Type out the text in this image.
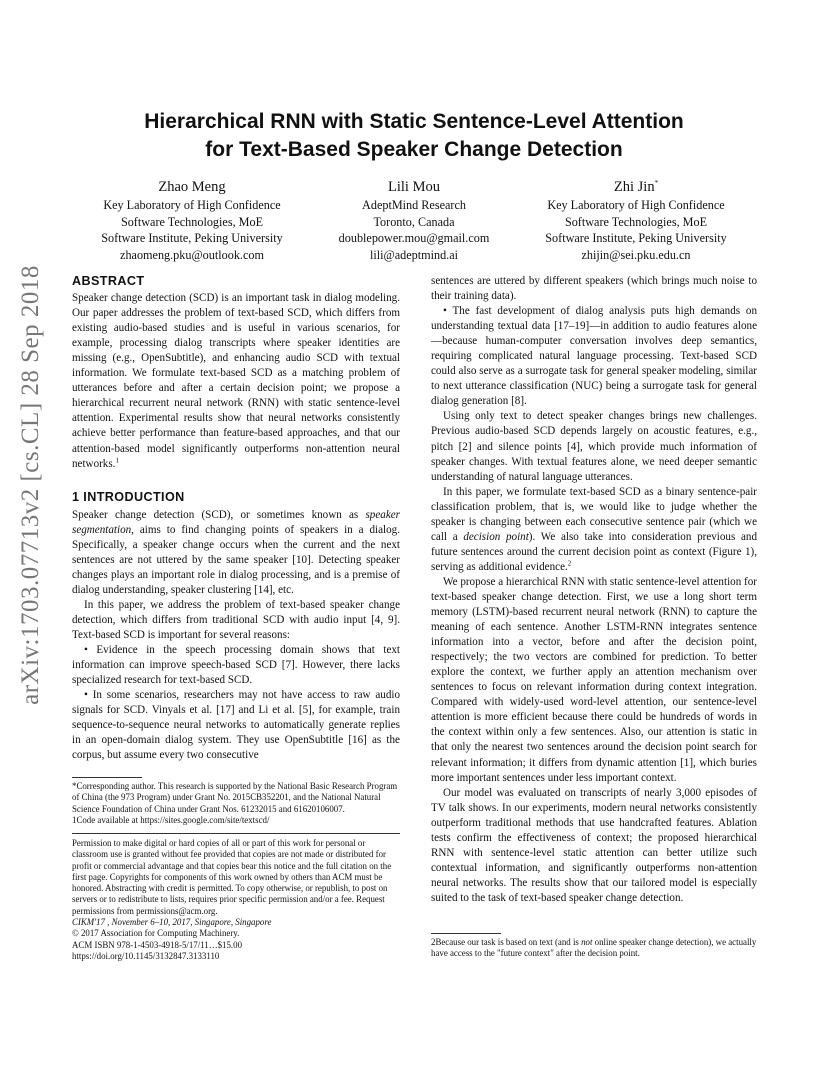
arXiv:1703.07713v2 [cs.CL] 28 Sep 2018
Hierarchical RNN with Static Sentence-Level Attention
for Text-Based Speaker Change Detection
Zhao Meng
Key Laboratory of High Confidence
Software Technologies, MoE
Software Institute, Peking University
zhaomeng.pku@outlook.com
Lili Mou
AdeptMind Research
Toronto, Canada
doublepower.mou@gmail.com
lili@adeptmind.ai
Zhi Jin*
Key Laboratory of High Confidence
Software Technologies, MoE
Software Institute, Peking University
zhijin@sei.pku.edu.cn
ABSTRACT

Speaker change detection (SCD) is an important task in dialog modeling. Our paper addresses the problem of text-based SCD, which differs from existing audio-based studies and is useful in various scenarios, for example, processing dialog transcripts where speaker identities are missing (e.g., OpenSubtitle), and enhancing audio SCD with textual information. We formulate text-based SCD as a matching problem of utterances before and after a certain decision point; we propose a hierarchical recurrent neural network (RNN) with static sentence-level attention. Experimental results show that neural networks consistently achieve better performance than feature-based approaches, and that our attention-based model significantly outperforms non-attention neural networks.$^1$

1 INTRODUCTION

Speaker change detection (SCD), or sometimes known as speaker segmentation, aims to find changing points of speakers in a dialog. Specifically, a speaker change occurs when the current and the next sentences are not uttered by the same speaker [10]. Detecting speaker changes plays an important role in dialog processing, and is a premise of dialog understanding, speaker clustering [14], etc.

In this paper, we address the problem of text-based speaker change detection, which differs from traditional SCD with audio input [4, 9]. Text-based SCD is important for several reasons:

• Evidence in the speech processing domain shows that text information can improve speech-based SCD [7]. However, there lacks specialized research for text-based SCD.

• In some scenarios, researchers may not have access to raw audio signals for SCD. Vinyals et al. [17] and Li et al. [5], for example, train sequence-to-sequence neural networks to automatically generate replies in an open-domain dialog system. They use OpenSubtitle [16] as the corpus, but assume every two consecutive

*Corresponding author. This research is supported by the National Basic Research Program of China (the 973 Program) under Grant No. 2015CB352201, and the National Natural Science Foundation of China under Grant Nos. 61232015 and 61620106007.

1Code available at https://sites.google.com/site/textscd/

Permission to make digital or hard copies of all or part of this work for personal or classroom use is granted without fee provided that copies are not made or distributed for profit or commercial advantage and that copies bear this notice and the full citation on the first page. Copyrights for components of this work owned by others than ACM must be honored. Abstracting with credit is permitted. To copy otherwise, or republish, to post on servers or to redistribute to lists, requires prior specific permission and/or a fee. Request permissions from permissions@acm.org.

CIKM'17 , November 6–10, 2017, Singapore, Singapore

© 2017 Association for Computing Machinery.

ACM ISBN 978-1-4503-4918-5/17/11…$15.00

https://doi.org/10.1145/3132847.3133110

sentences are uttered by different speakers (which brings much noise to their training data).

• The fast development of dialog analysis puts high demands on understanding textual data [17–19]—in addition to audio features alone—because human-computer conversation involves deep semantics, requiring complicated natural language processing. Text-based SCD could also serve as a surrogate task for general speaker modeling, similar to next utterance classification (NUC) being a surrogate task for general dialog generation [8].

Using only text to detect speaker changes brings new challenges. Previous audio-based SCD depends largely on acoustic features, e.g., pitch [2] and silence points [4], which provide much information of speaker changes. With textual features alone, we need deeper semantic understanding of natural language utterances.

In this paper, we formulate text-based SCD as a binary sentence-pair classification problem, that is, we would like to judge whether the speaker is changing between each consecutive sentence pair (which we call a decision point). We also take into consideration previous and future sentences around the current decision point as context (Figure 1), serving as additional evidence.$^2$

We propose a hierarchical RNN with static sentence-level attention for text-based speaker change detection. First, we use a long short term memory (LSTM)-based recurrent neural network (RNN) to capture the meaning of each sentence. Another LSTM-RNN integrates sentence information into a vector, before and after the decision point, respectively; the two vectors are combined for prediction. To better explore the context, we further apply an attention mechanism over sentences to focus on relevant information during context integration. Compared with widely-used word-level attention, our sentence-level attention is more efficient because there could be hundreds of words in the context within only a few sentences. Also, our attention is static in that only the nearest two sentences around the decision point search for relevant information; it differs from dynamic attention [1], which buries more important sentences under less important context.

Our model was evaluated on transcripts of nearly 3,000 episodes of TV talk shows. In our experiments, modern neural networks consistently outperform traditional methods that use handcrafted features. Ablation tests confirm the effectiveness of context; the proposed hierarchical RNN with sentence-level static attention can better utilize such contextual information, and significantly outperforms non-attention neural networks. The results show that our tailored model is especially suited to the task of text-based speaker change detection.

2Because our task is based on text (and is not online speaker change detection), we actually have access to the "future context" after the decision point.
